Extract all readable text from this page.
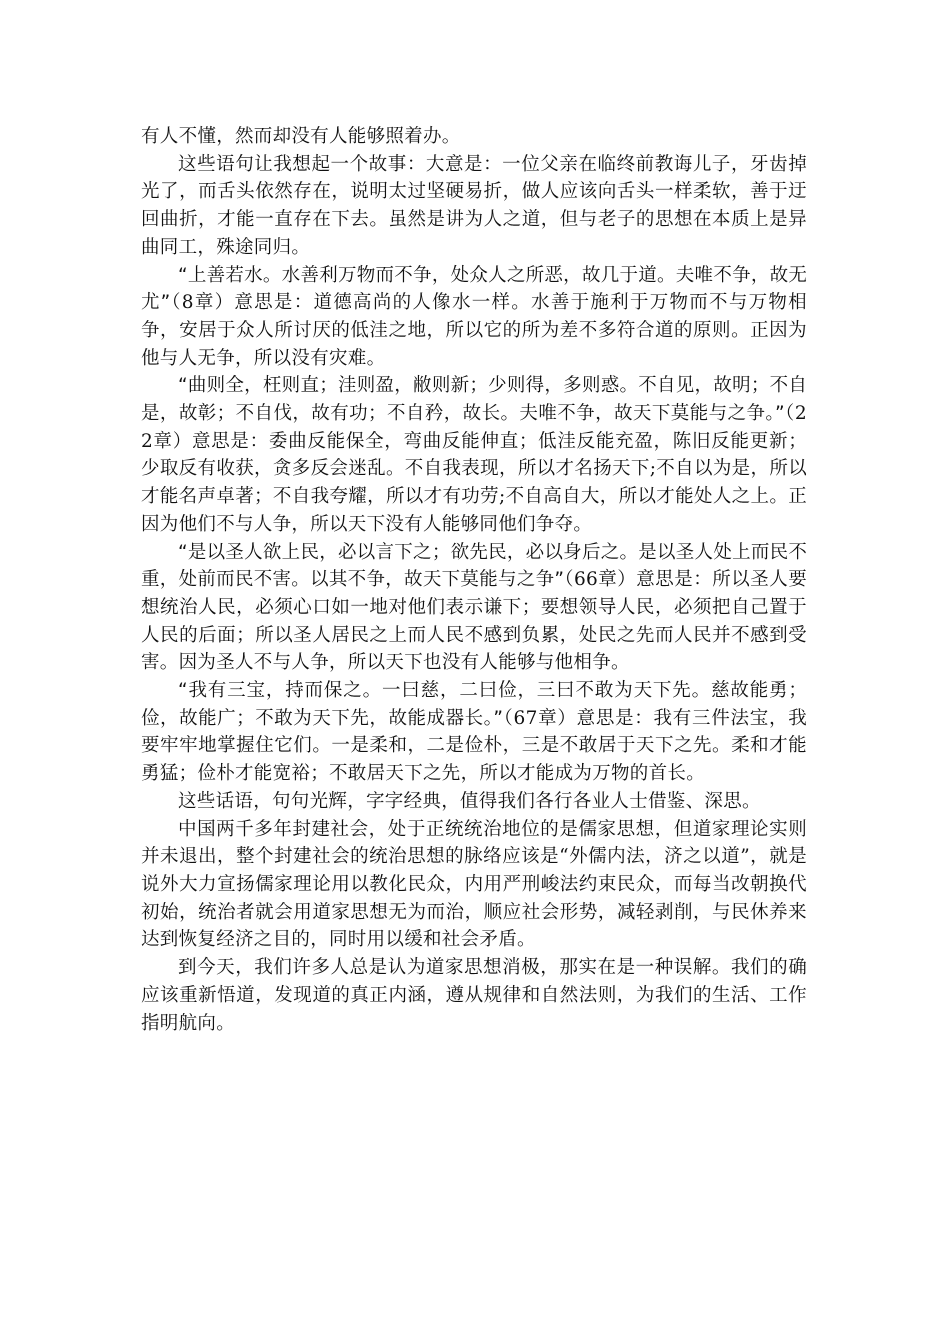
有人不懂，然而却没有人能够照着办。

这些语句让我想起一个故事：大意是：一位父亲在临终前教诲儿子，牙齿掉光了，而舌头依然存在，说明太过坚硬易折，做人应该向舌头一样柔软，善于迂回曲折，才能一直存在下去。虽然是讲为人之道，但与老子的思想在本质上是异曲同工，殊途同归。

“上善若水。水善利万物而不争，处众人之所恶，故几于道。夫唯不争，故无尤”（8章）意思是：道德高尚的人像水一样。水善于施利于万物而不与万物相争，安居于众人所讨厌的低洼之地，所以它的所为差不多符合道的原则。正因为他与人无争，所以没有灾难。

“曲则全，枉则直；洼则盈，敝则新；少则得，多则惑。不自见，故明；不自是，故彰；不自伐，故有功；不自矜，故长。夫唯不争，故天下莫能与之争。”（22章）意思是：委曲反能保全，弯曲反能伸直；低洼反能充盈，陈旧反能更新；少取反有收获，贪多反会迷乱。不自我表现，所以才名扬天下;不自以为是，所以才能名声卓著；不自我夸耀，所以才有功劳;不自高自大，所以才能处人之上。正因为他们不与人争，所以天下没有人能够同他们争夺。

“是以圣人欲上民，必以言下之；欲先民，必以身后之。是以圣人处上而民不重，处前而民不害。以其不争，故天下莫能与之争”（66章）意思是：所以圣人要想统治人民，必须心口如一地对他们表示谦下；要想领导人民，必须把自己置于人民的后面；所以圣人居民之上而人民不感到负累，处民之先而人民并不感到受害。因为圣人不与人争，所以天下也没有人能够与他相争。

“我有三宝，持而保之。一曰慈，二曰俭，三曰不敢为天下先。慈故能勇；俭，故能广；不敢为天下先，故能成器长。”（67章）意思是：我有三件法宝，我要牢牢地掌握住它们。一是柔和，二是俭朴，三是不敢居于天下之先。柔和才能勇猛；俭朴才能宽裕；不敢居天下之先，所以才能成为万物的首长。

这些话语，句句光辉，字字经典，值得我们各行各业人士借鉴、深思。

中国两千多年封建社会，处于正统统治地位的是儒家思想，但道家理论实则并未退出，整个封建社会的统治思想的脉络应该是“外儒内法，济之以道”，就是说外大力宣扬儒家理论用以教化民众，内用严刑峻法约束民众，而每当改朝换代初始，统治者就会用道家思想无为而治，顺应社会形势，减轻剥削，与民休养来达到恢复经济之目的，同时用以缓和社会矛盾。

到今天，我们许多人总是认为道家思想消极，那实在是一种误解。我们的确应该重新悟道，发现道的真正内涵，遵从规律和自然法则，为我们的生活、工作指明航向。
